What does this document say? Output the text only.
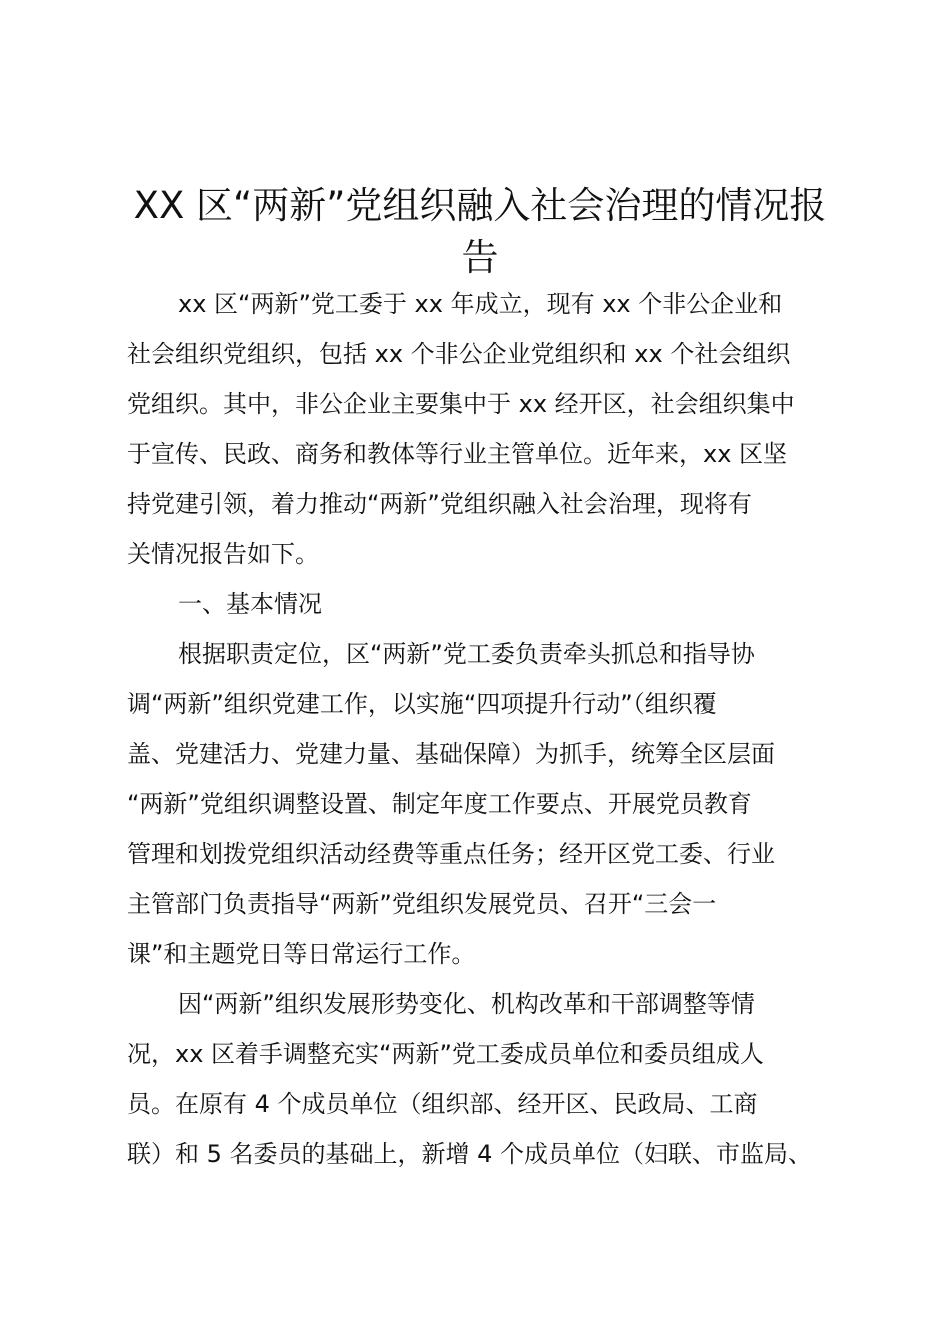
XX 区“两新”党组织融入社会治理的情况报
告

xx 区“两新”党工委于 xx 年成立，现有 xx 个非公企业和

社会组织党组织，包括 xx 个非公企业党组织和 xx 个社会组织

党组织。其中，非公企业主要集中于 xx 经开区，社会组织集中

于宣传、民政、商务和教体等行业主管单位。近年来，xx 区坚

持党建引领，着力推动“两新”党组织融入社会治理，现将有

关情况报告如下。

一、基本情况

根据职责定位，区“两新”党工委负责牵头抓总和指导协

调“两新”组织党建工作，以实施“四项提升行动”（组织覆

盖、党建活力、党建力量、基础保障）为抓手，统筹全区层面

“两新”党组织调整设置、制定年度工作要点、开展党员教育

管理和划拨党组织活动经费等重点任务；经开区党工委、行业

主管部门负责指导“两新”党组织发展党员、召开“三会一

课”和主题党日等日常运行工作。

因“两新”组织发展形势变化、机构改革和干部调整等情

况，xx 区着手调整充实“两新”党工委成员单位和委员组成人

员。在原有 4 个成员单位（组织部、经开区、民政局、工商

联）和 5 名委员的基础上，新增 4 个成员单位（妇联、市监局、
